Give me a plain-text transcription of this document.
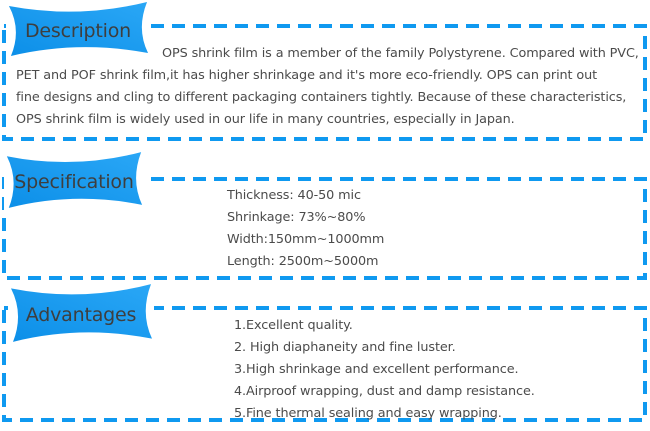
Description
OPS shrink film is a member of the family Polystyrene. Compared with PVC,
PET and POF shrink film,it has higher shrinkage and it's more eco-friendly. OPS can print out
fine designs and cling to different packaging containers tightly. Because of these characteristics,
OPS shrink film is widely used in our life in many countries, especially in Japan.
Specification
Thickness: 40-50 mic
Shrinkage: 73%~80%
Width:150mm~1000mm
Length: 2500m~5000m
Advantages	1.Excellent quality.
2. High diaphaneity and fine luster.
3.High shrinkage and excellent performance.
4.Airproof wrapping, dust and damp resistance.
5.Fine thermal sealing and easy wrapping.
